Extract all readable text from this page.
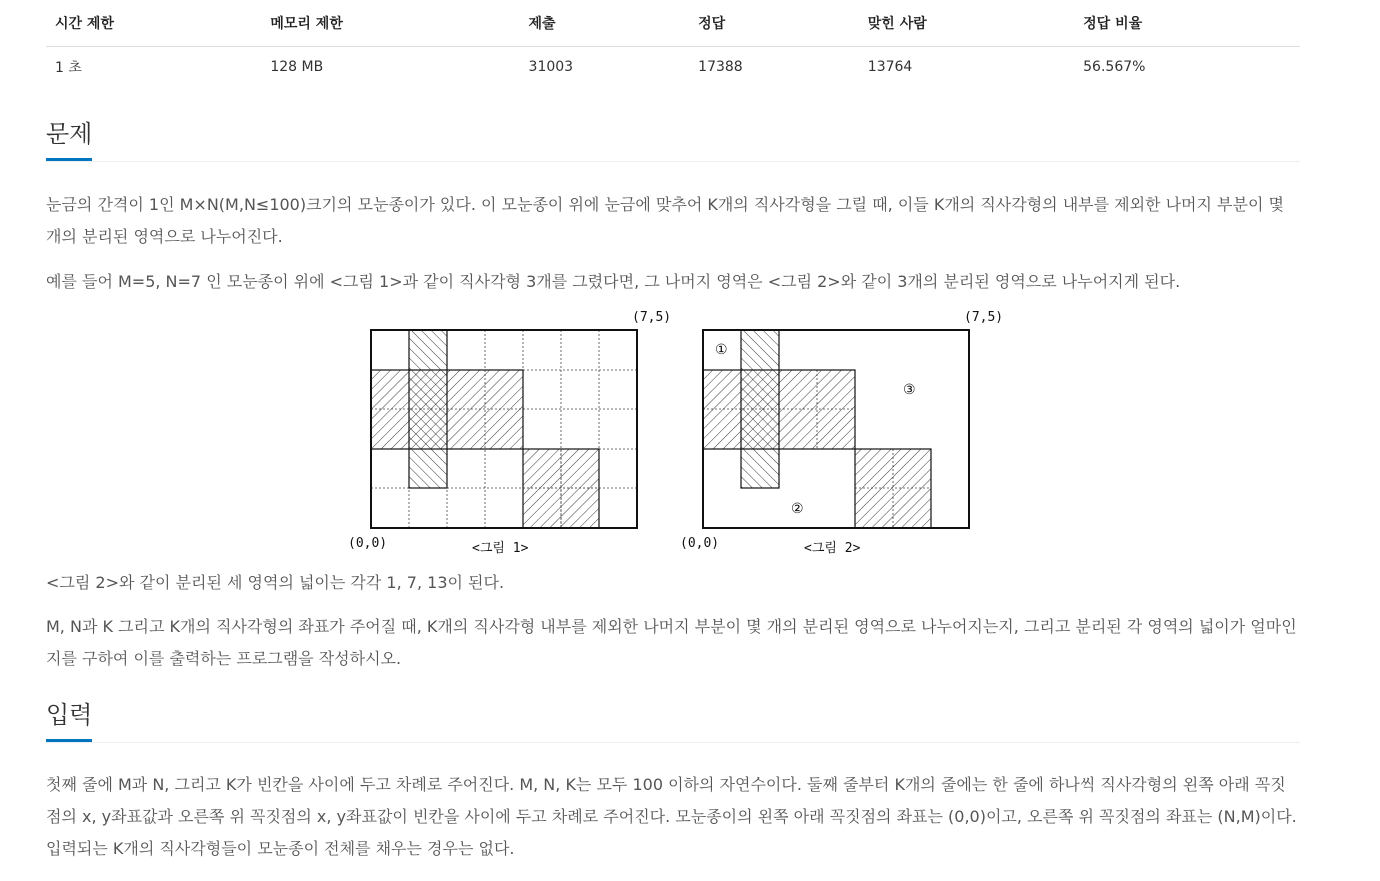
시간 제한	메모리 제한	제출	정답	맞힌 사람	정답 비율
1 초	128 MB	31003	17388	13764	56.567%
문제

눈금의 간격이 1인 M×N(M,N≤100)크기의 모눈종이가 있다. 이 모눈종이 위에 눈금에 맞추어 K개의 직사각형을 그릴 때, 이들 K개의 직사각형의 내부를 제외한 나머지 부분이 몇 개의 분리된 영역으로 나누어진다.

예를 들어 M=5, N=7 인 모눈종이 위에 <그림 1>과 같이 직사각형 3개를 그렸다면, 그 나머지 영역은 <그림 2>와 같이 3개의 분리된 영역으로 나누어지게 된다.

(0,0)
(7,5)
<그림 1>
①
②
③
(0,0)
(7,5)
<그림 2>

<그림 2>와 같이 분리된 세 영역의 넓이는 각각 1, 7, 13이 된다.

M, N과 K 그리고 K개의 직사각형의 좌표가 주어질 때, K개의 직사각형 내부를 제외한 나머지 부분이 몇 개의 분리된 영역으로 나누어지는지, 그리고 분리된 각 영역의 넓이가 얼마인지를 구하여 이를 출력하는 프로그램을 작성하시오.

입력

첫째 줄에 M과 N, 그리고 K가 빈칸을 사이에 두고 차례로 주어진다. M, N, K는 모두 100 이하의 자연수이다. 둘째 줄부터 K개의 줄에는 한 줄에 하나씩 직사각형의 왼쪽 아래 꼭짓점의 x, y좌표값과 오른쪽 위 꼭짓점의 x, y좌표값이 빈칸을 사이에 두고 차례로 주어진다. 모눈종이의 왼쪽 아래 꼭짓점의 좌표는 (0,0)이고, 오른쪽 위 꼭짓점의 좌표는 (N,M)이다. 입력되는 K개의 직사각형들이 모눈종이 전체를 채우는 경우는 없다.
